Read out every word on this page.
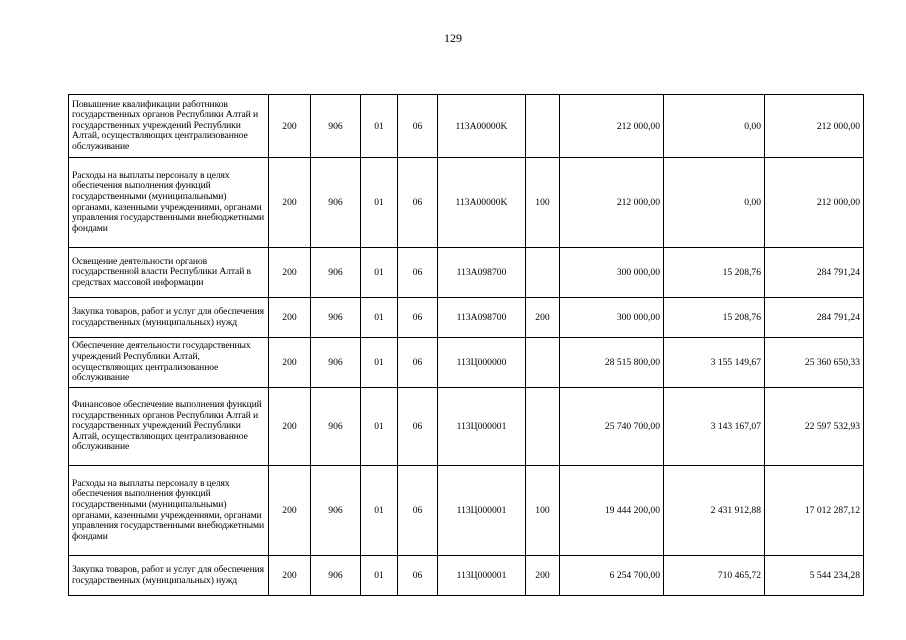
129
Повышение квалификации работников государственных органов Республики Алтай и государственных учреждений Республики Алтай, осуществляющих централизованное обслуживание	200	906	01	06	113A00000K		212 000,00	0,00	212 000,00
Расходы на выплаты персоналу в целях обеспечения выполнения функций государственными (муниципальными) органами, казенными учреждениями, органами управления государственными внебюджетными фондами	200	906	01	06	113A00000K	100	212 000,00	0,00	212 000,00
Освещение деятельности органов государственной власти Республики Алтай в средствах массовой информации	200	906	01	06	113A098700		300 000,00	15 208,76	284 791,24
Закупка товаров, работ и услуг для обеспечения государственных (муниципальных) нужд	200	906	01	06	113A098700	200	300 000,00	15 208,76	284 791,24
Обеспечение деятельности государственных учреждений Республики Алтай, осуществляющих централизованное обслуживание	200	906	01	06	113Ц000000		28 515 800,00	3 155 149,67	25 360 650,33
Финансовое обеспечение выполнения функций государственных органов Республики Алтай и государственных учреждений Республики Алтай, осуществляющих централизованное обслуживание	200	906	01	06	113Ц000001		25 740 700,00	3 143 167,07	22 597 532,93
Расходы на выплаты персоналу в целях обеспечения выполнения функций государственными (муниципальными) органами, казенными учреждениями, органами управления государственными внебюджетными фондами	200	906	01	06	113Ц000001	100	19 444 200,00	2 431 912,88	17 012 287,12
Закупка товаров, работ и услуг для обеспечения государственных (муниципальных) нужд	200	906	01	06	113Ц000001	200	6 254 700,00	710 465,72	5 544 234,28
